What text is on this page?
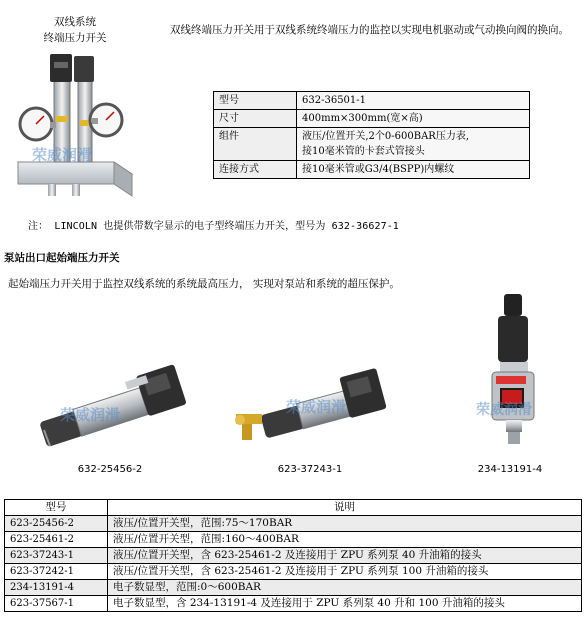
双线系统
终端压力开关
荣威润滑
双线终端压力开关用于双线系统终端压力的监控以实现电机驱动或气动换向阀的换向。
型号	632-36501-1
尺寸	400mm×300mm(宽×高)
组件	液压/位置开关,2个0-600BAR压力表,
接10毫米管的卡套式管接头

连接方式	接10毫米管或G3/4(BSPP)内螺纹
注： LINCOLN 也提供带数字显示的电子型终端压力开关，型号为 632-36627-1
泵站出口起始端压力开关
起始端压力开关用于监控双线系统的系统最高压力， 实现对泵站和系统的超压保护。
荣威润滑
632-25456-2
荣威润滑
623-37243-1
荣威润滑
234-13191-4
型号	说明
623-25456-2	液压/位置开关型，范围:75～170BAR
623-25461-2	液压/位置开关型，范围:160～400BAR
623-37243-1	液压/位置开关型，含 623-25461-2 及连接用于 ZPU 系列泵 40 升油箱的接头
623-37242-1	液压/位置开关型，含 623-25461-2 及连接用于 ZPU 系列泵 100 升油箱的接头
234-13191-4	电子数显型，范围:0～600BAR
623-37567-1	电子数显型，含 234-13191-4 及连接用于 ZPU 系列泵 40 升和 100 升油箱的接头
